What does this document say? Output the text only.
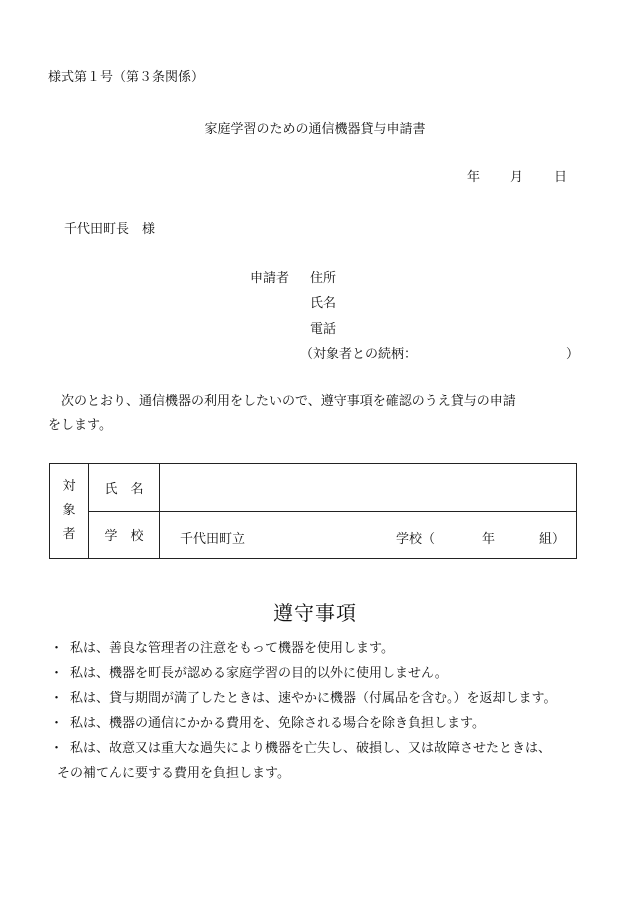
様式第１号（第３条関係）
家庭学習のための通信機器貸与申請書
年 月 日
千代田町長　様
申請者 住所
氏名
電話
（対象者との続柄：	）
次のとおり、通信機器の利用をしたいので、遵守事項を確認のうえ貸与の申請
をします。
対
象
者	氏　名	
	学　校	千代田町立 学校（ 年 組）
遵守事項
・ 私は、善良な管理者の注意をもって機器を使用します。
・ 私は、機器を町長が認める家庭学習の目的以外に使用しません。
・ 私は、貸与期間が満了したときは、速やかに機器（付属品を含む。）を返却します。
・ 私は、機器の通信にかかる費用を、免除される場合を除き負担します。
・ 私は、故意又は重大な過失により機器を亡失し、破損し、又は故障させたときは、
その補てんに要する費用を負担します。
